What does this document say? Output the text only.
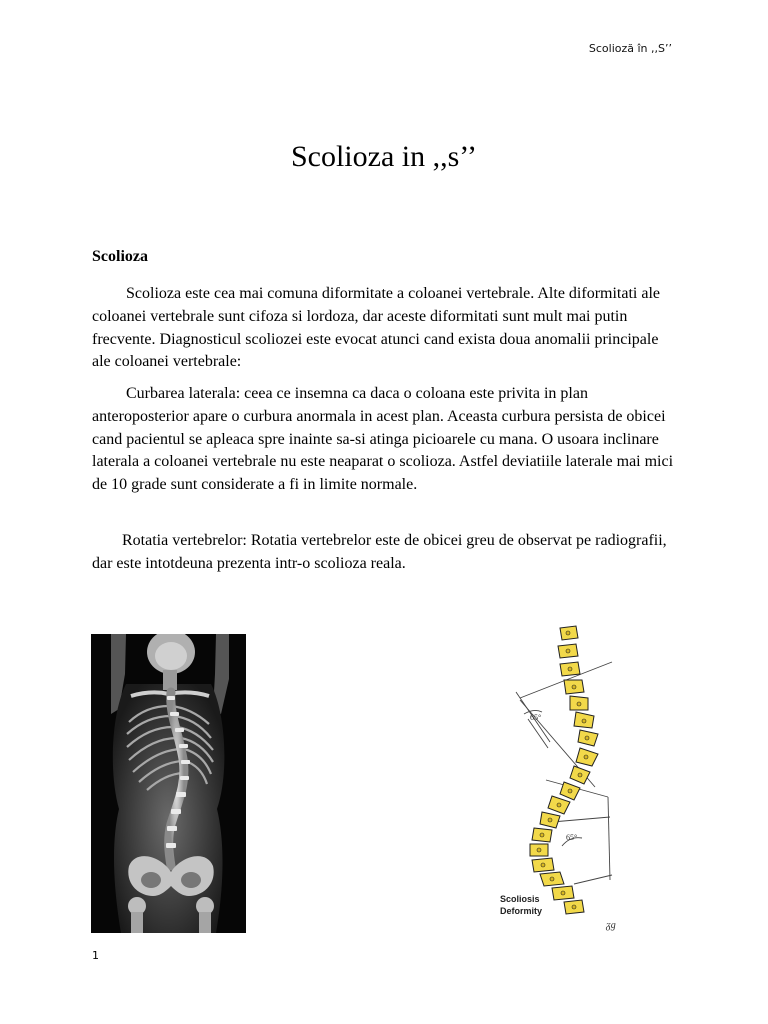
Scolioză în ,,S’’
Scolioza in ,,s’’
Scolioza

Scolioza este cea mai comuna diformitate a coloanei vertebrale. Alte diformitati ale coloanei vertebrale sunt cifoza si lordoza, dar aceste diformitati sunt mult mai putin frecvente. Diagnosticul scoliozei este evocat atunci cand exista doua anomalii principale ale coloanei vertebrale:

Curbarea laterala: ceea ce insemna ca daca o coloana este privita in plan anteroposterior apare o curbura anormala in acest plan. Aceasta curbura persista de obicei cand pacientul se apleaca spre inainte sa-si atinga picioarele cu mana. O usoara inclinare laterala a coloanei vertebrale nu este neaparat o scolioza. Astfel deviatiile laterale mai mici de 10 grade sunt considerate a fi in limite normale.

Rotatia vertebrelor: Rotatia vertebrelor este de obicei greu de observat pe radiografii, dar este intotdeuna prezenta intr-o scolioza reala.

65°
65°
Scoliosis
Deformity
ᵹg
1
